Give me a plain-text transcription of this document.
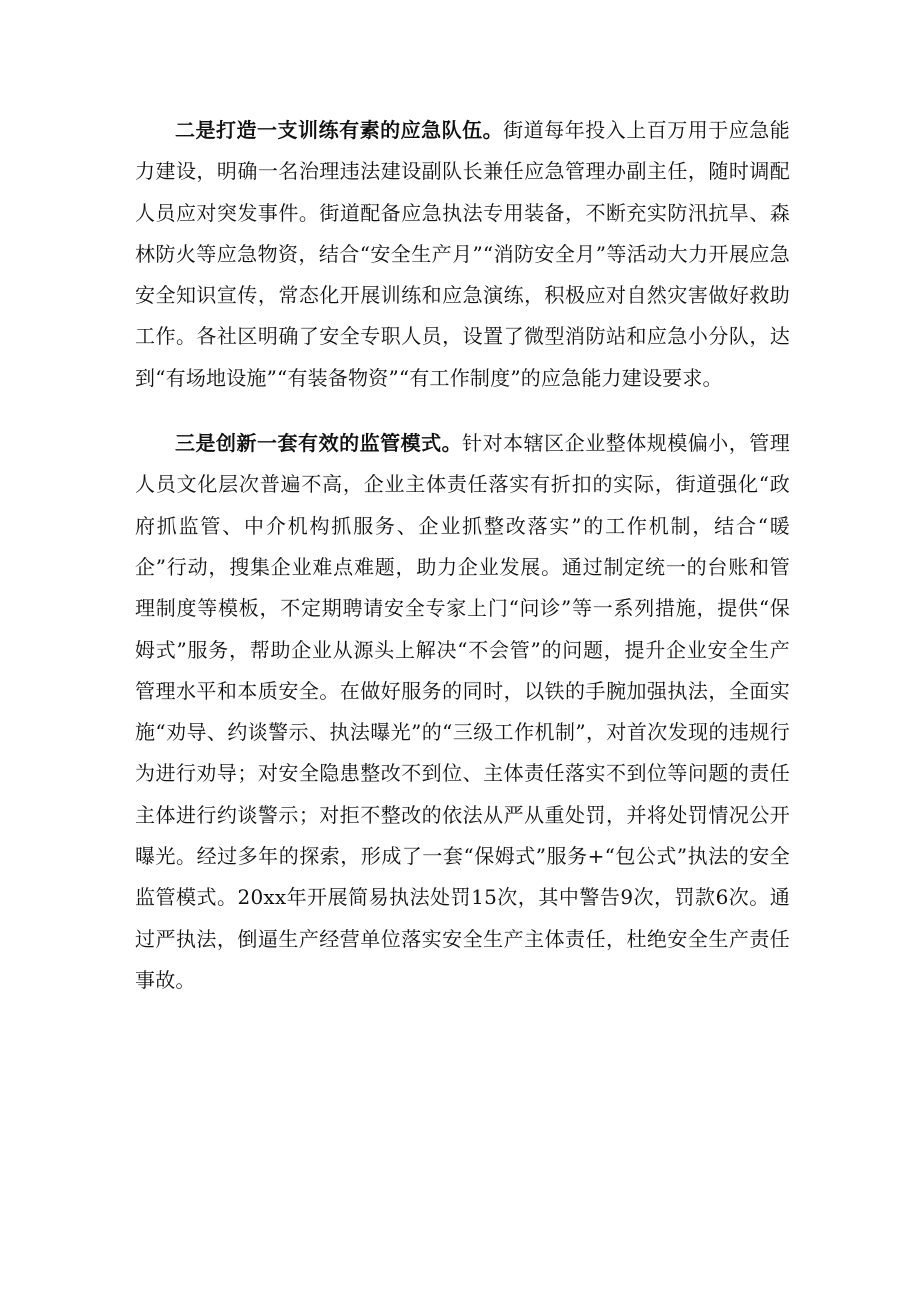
二是打造一支训练有素的应急队伍。街道每年投入上百万用于应急能力建设，明确一名治理违法建设副队长兼任应急管理办副主任，随时调配人员应对突发事件。街道配备应急执法专用装备，不断充实防汛抗旱、森林防火等应急物资，结合“安全生产月”“消防安全月”等活动大力开展应急安全知识宣传，常态化开展训练和应急演练，积极应对自然灾害做好救助工作。各社区明确了安全专职人员，设置了微型消防站和应急小分队，达到“有场地设施”“有装备物资”“有工作制度”的应急能力建设要求。

三是创新一套有效的监管模式。针对本辖区企业整体规模偏小，管理人员文化层次普遍不高，企业主体责任落实有折扣的实际，街道强化“政府抓监管、中介机构抓服务、企业抓整改落实”的工作机制，结合“暖企”行动，搜集企业难点难题，助力企业发展。通过制定统一的台账和管理制度等模板，不定期聘请安全专家上门“问诊”等一系列措施，提供“保姆式”服务，帮助企业从源头上解决“不会管”的问题，提升企业安全生产管理水平和本质安全。在做好服务的同时，以铁的手腕加强执法，全面实施“劝导、约谈警示、执法曝光”的“三级工作机制”，对首次发现的违规行为进行劝导；对安全隐患整改不到位、主体责任落实不到位等问题的责任主体进行约谈警示；对拒不整改的依法从严从重处罚，并将处罚情况公开曝光。经过多年的探索，形成了一套“保姆式”服务+“包公式”执法的安全监管模式。20xx年开展简易执法处罚15次，其中警告9次，罚款6次。通过严执法，倒逼生产经营单位落实安全生产主体责任，杜绝安全生产责任事故。
